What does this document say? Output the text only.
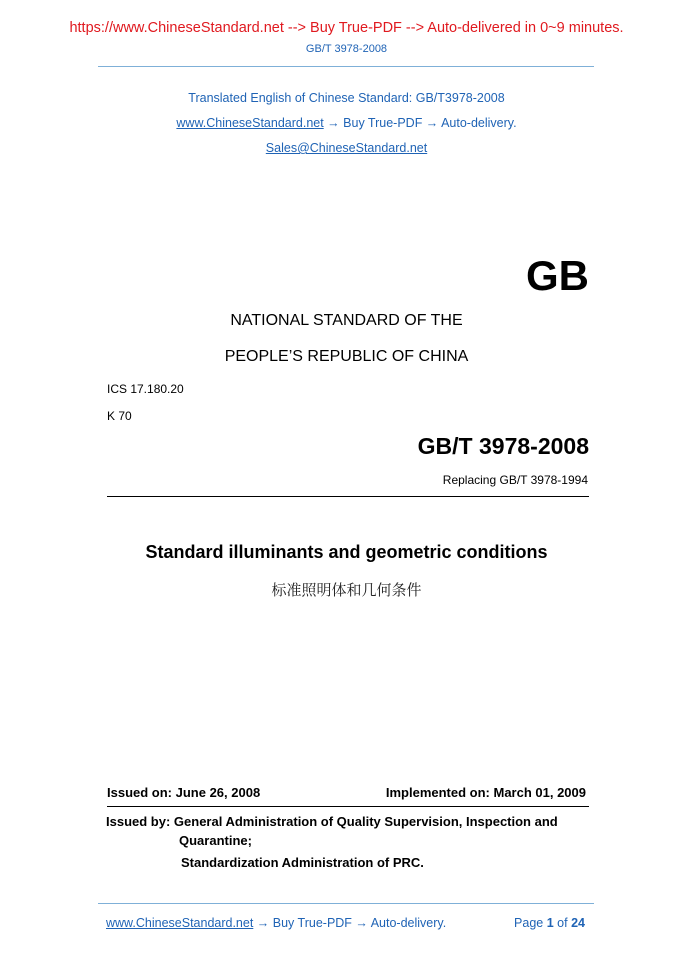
https://www.ChineseStandard.net --> Buy True-PDF --> Auto-delivered in 0~9 minutes.
GB/T 3978-2008
Translated English of Chinese Standard: GB/T3978-2008
www.ChineseStandard.net → Buy True-PDF → Auto-delivery.
Sales@ChineseStandard.net
GB
NATIONAL STANDARD OF THE
PEOPLE’S REPUBLIC OF CHINA
ICS 17.180.20
K 70
GB/T 3978-2008
Replacing GB/T 3978-1994
Standard illuminants and geometric conditions
标准照明体和几何条件
Issued on: June 26, 2008	Implemented on: March 01, 2009
Issued by: General Administration of Quality Supervision, Inspection and
Quarantine;
Standardization Administration of PRC.
www.ChineseStandard.net → Buy True-PDF → Auto-delivery.	Page 1 of 24
